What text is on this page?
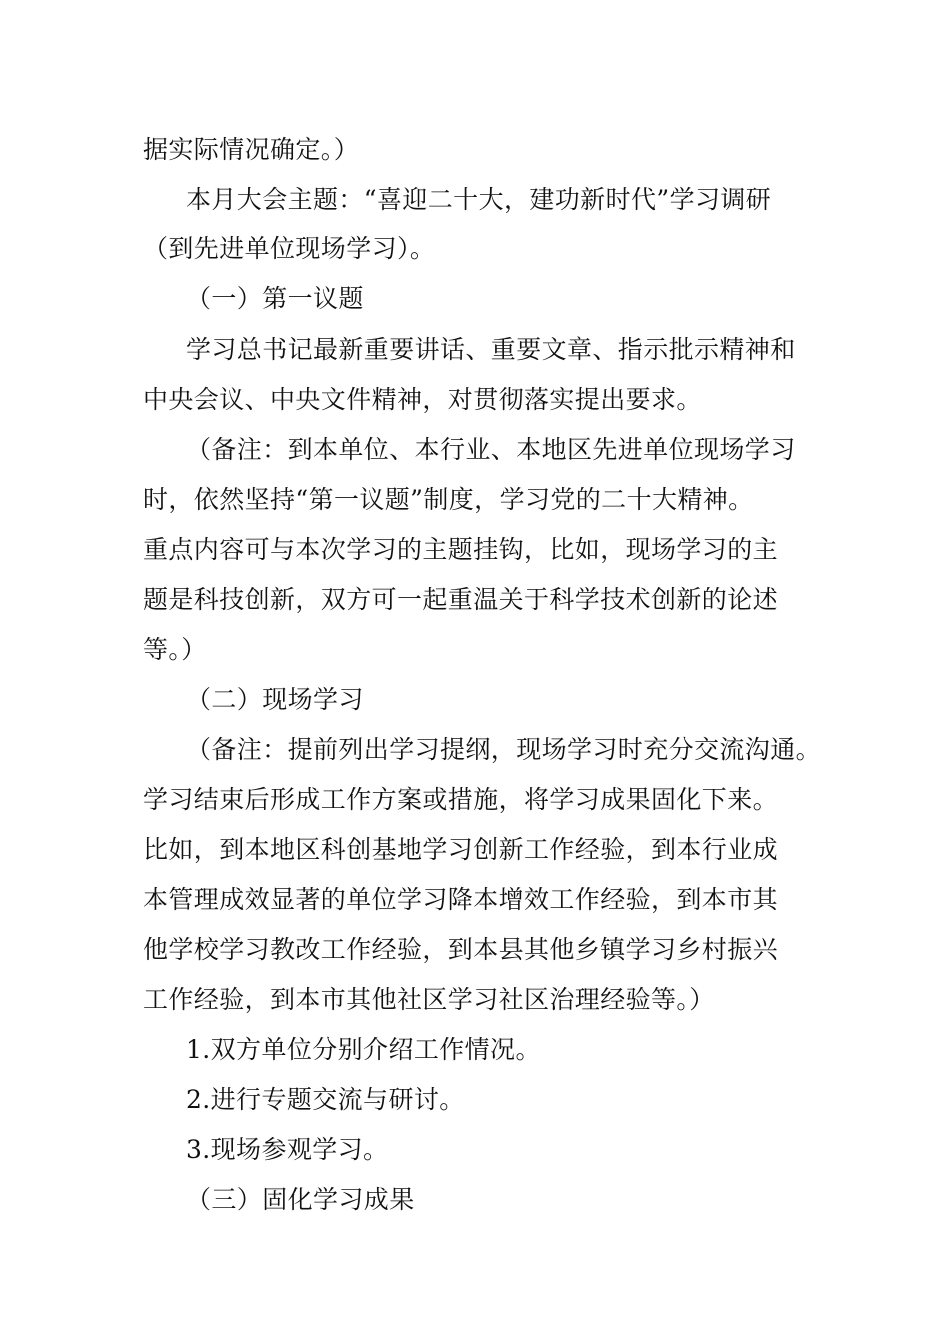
据实际情况确定。）
本月大会主题：“喜迎二十大，建功新时代”学习调研
（到先进单位现场学习）。
（一）第一议题
学习总书记最新重要讲话、重要文章、指示批示精神和
中央会议、中央文件精神，对贯彻落实提出要求。
（备注：到本单位、本行业、本地区先进单位现场学习
时，依然坚持“第一议题”制度，学习党的二十大精神。
重点内容可与本次学习的主题挂钩，比如，现场学习的主
题是科技创新，双方可一起重温关于科学技术创新的论述
等。）
（二）现场学习
（备注：提前列出学习提纲，现场学习时充分交流沟通。
学习结束后形成工作方案或措施，将学习成果固化下来。
比如，到本地区科创基地学习创新工作经验，到本行业成
本管理成效显著的单位学习降本增效工作经验，到本市其
他学校学习教改工作经验，到本县其他乡镇学习乡村振兴
工作经验，到本市其他社区学习社区治理经验等。）
1.双方单位分别介绍工作情况。
2.进行专题交流与研讨。
3.现场参观学习。
（三）固化学习成果
